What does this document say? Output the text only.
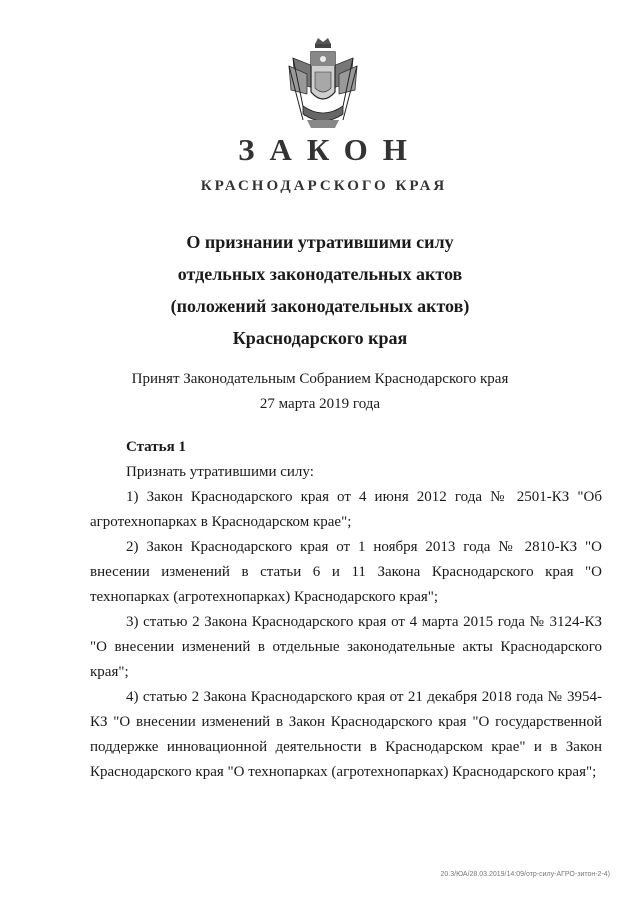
ЗАКОН
КРАСНОДАРСКОГО КРАЯ
О признании утратившими силу
отдельных законодательных актов
(положений законодательных актов)
Краснодарского края
Принят Законодательным Собранием Краснодарского края
27 марта 2019 года
Статья 1

Признать утратившими силу:

1) Закон Краснодарского края от 4 июня 2012 года № 2501-КЗ "Об агротехнопарках в Краснодарском крае";

2) Закон Краснодарского края от 1 ноября 2013 года № 2810-КЗ "О внесении изменений в статьи 6 и 11 Закона Краснодарского края "О технопарках (агротехнопарках) Краснодарского края";

3) статью 2 Закона Краснодарского края от 4 марта 2015 года № 3124-КЗ "О внесении изменений в отдельные законодательные акты Краснодарского края";

4) статью 2 Закона Краснодарского края от 21 декабря 2018 года № 3954-КЗ "О внесении изменений в Закон Краснодарского края "О государственной поддержке инновационной деятельности в Краснодарском крае" и в Закон Краснодарского края "О технопарках (агротехнопарках) Краснодарского края";

20.3/ЮА/28.03.2019/14:09/отр-силу-АГРО-зитон-2-4)
